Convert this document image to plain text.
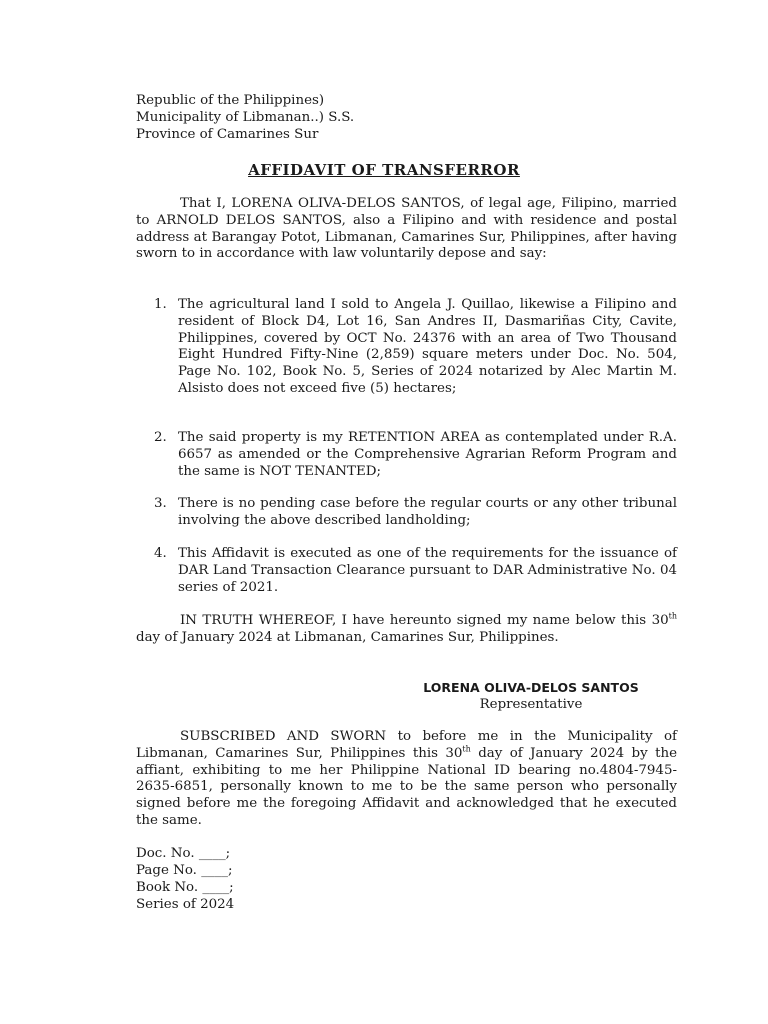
Republic of the Philippines)
Municipality of Libmanan..) S.S.
Province of Camarines Sur
AFFIDAVIT OF TRANSFERROR
That I, LORENA OLIVA-DELOS SANTOS, of legal age, Filipino, married to ARNOLD DELOS SANTOS, also a Filipino and with residence and postal address at Barangay Potot, Libmanan, Camarines Sur, Philippines, after having sworn to in accordance with law voluntarily depose and say:
1. The agricultural land I sold to Angela J. Quillao, likewise a Filipino and resident of Block D4, Lot 16, San Andres II, Dasmariñas City, Cavite, Philippines, covered by OCT No. 24376 with an area of Two Thousand Eight Hundred Fifty-Nine (2,859) square meters under Doc. No. 504, Page No. 102, Book No. 5, Series of 2024 notarized by Alec Martin M. Alsisto does not exceed five (5) hectares;
2. The said property is my RETENTION AREA as contemplated under R.A. 6657 as amended or the Comprehensive Agrarian Reform Program and the same is NOT TENANTED;
3. There is no pending case before the regular courts or any other tribunal involving the above described landholding;
4. This Affidavit is executed as one of the requirements for the issuance of DAR Land Transaction Clearance pursuant to DAR Administrative No. 04 series of 2021.
IN TRUTH WHEREOF, I have hereunto signed my name below this 30th day of January 2024 at Libmanan, Camarines Sur, Philippines.
LORENA OLIVA-DELOS SANTOS
Representative
SUBSCRIBED AND SWORN to before me in the Municipality of Libmanan, Camarines Sur, Philippines this 30th day of January 2024 by the affiant, exhibiting to me her Philippine National ID bearing no.4804-7945-2635-6851, personally known to me to be the same person who personally signed before me the foregoing Affidavit and acknowledged that he executed the same.
Doc. No. ____;
Page No. ____;
Book No. ____;
Series of 2024
